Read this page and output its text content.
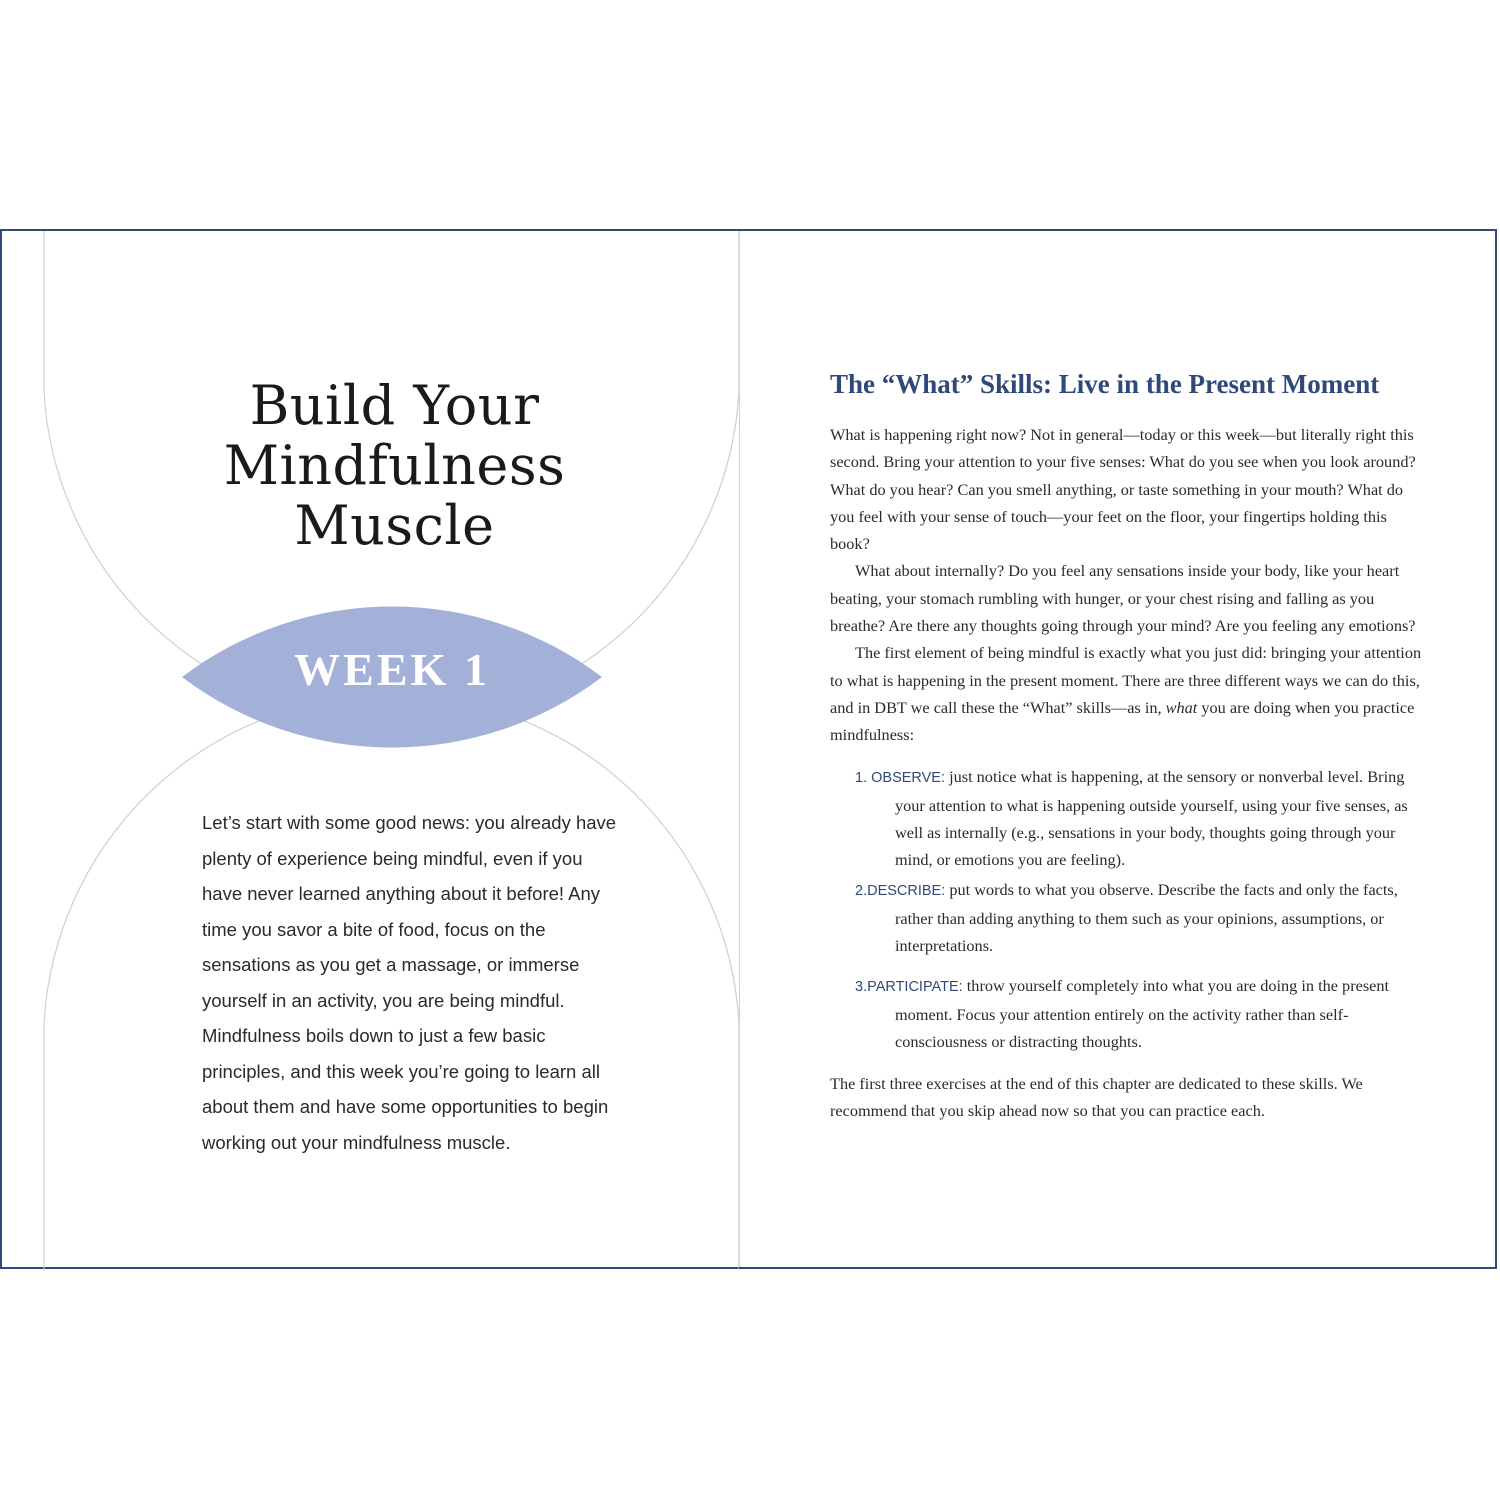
Build Your
Mindfulness
Muscle
WEEK 1

Let’s start with some good news: you already have plenty of experience being mindful, even if you have never learned anything about it before! Any time you savor a bite of food, focus on the sensations as you get a massage, or immerse yourself in an activity, you are being mindful. Mindfulness boils down to just a few basic principles, and this week you’re going to learn all about them and have some opportunities to begin working out your mindfulness muscle.

The “What” Skills: Live in the Present Moment

What is happening right now? Not in general—today or this week—but literally right this second. Bring your attention to your five senses: What do you see when you look around? What do you hear? Can you smell anything, or taste something in your mouth? What do you feel with your sense of touch—your feet on the floor, your fingertips holding this book?

What about internally? Do you feel any sensations inside your body, like your heart beating, your stomach rumbling with hunger, or your chest rising and falling as you breathe? Are there any thoughts going through your mind? Are you feeling any emotions?

The first element of being mindful is exactly what you just did: bringing your attention to what is happening in the present moment. There are three different ways we can do this, and in DBT we call these the “What” skills—as in, what you are doing when you practice mindfulness:

1. OBSERVE: just notice what is happening, at the sensory or nonverbal level. Bring your attention to what is happening outside yourself, using your five senses, as well as internally (e.g., sensations in your body, thoughts going through your mind, or emotions you are feeling).
2.DESCRIBE: put words to what you observe. Describe the facts and only the facts, rather than adding anything to them such as your opinions, assumptions, or interpretations.
3.PARTICIPATE: throw yourself completely into what you are doing in the present moment. Focus your attention entirely on the activity rather than self-consciousness or distracting thoughts.

The first three exercises at the end of this chapter are dedicated to these skills. We recommend that you skip ahead now so that you can practice each.
